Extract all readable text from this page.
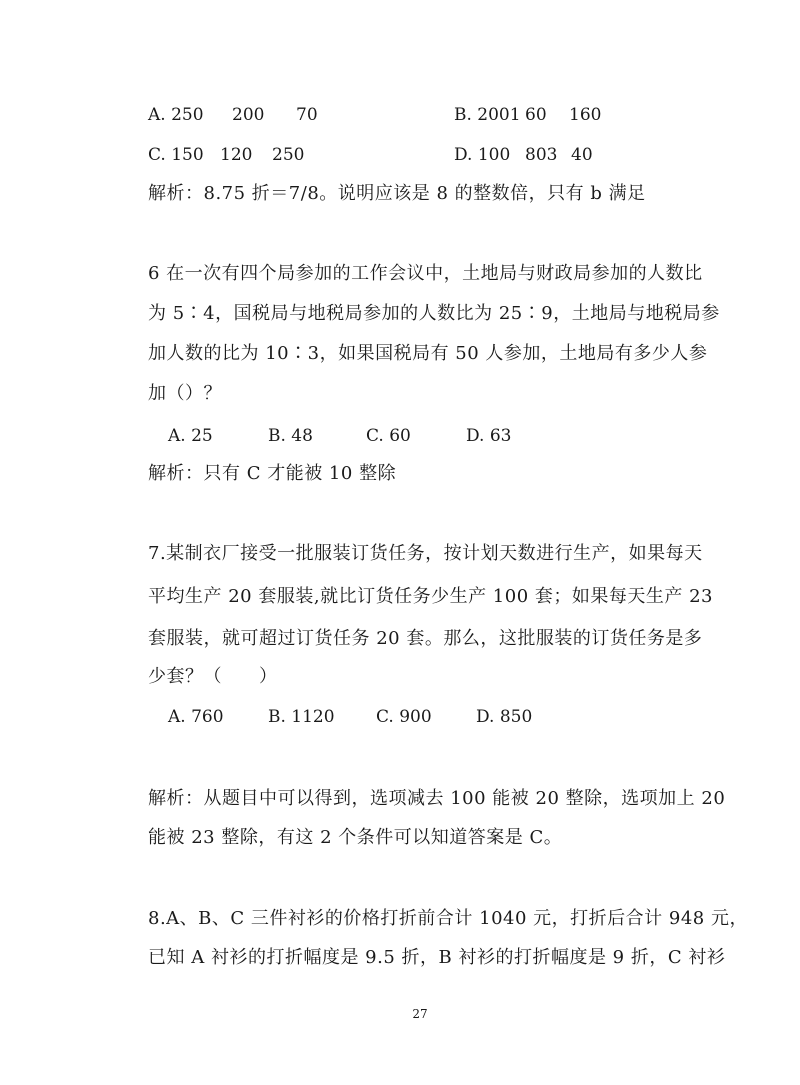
A. 250 200 70	B. 2001 60 160
C. 150 120 250	D. 100 803 40
解析：8.75 折＝7/8。说明应该是 8 的整数倍，只有 b 满足
6 在一次有四个局参加的工作会议中，土地局与财政局参加的人数比
为 5∶4，国税局与地税局参加的人数比为 25∶9，土地局与地税局参
加人数的比为 10∶3，如果国税局有 50 人参加，土地局有多少人参
加（）？
A. 25	B. 48	C. 60	D. 63
解析：只有 C 才能被 10 整除
7.某制衣厂接受一批服装订货任务，按计划天数进行生产，如果每天
平均生产 20 套服装,就比订货任务少生产 100 套；如果每天生产 23
套服装，就可超过订货任务 20 套。那么，这批服装的订货任务是多
少套？（　　）
A. 760	B. 1120 C. 900	D. 850
解析：从题目中可以得到，选项减去 100 能被 20 整除，选项加上 20
能被 23 整除，有这 2 个条件可以知道答案是 C。
8.A、B、C 三件衬衫的价格打折前合计 1040 元，打折后合计 948 元，
已知 A 衬衫的打折幅度是 9.5 折，B 衬衫的打折幅度是 9 折，C 衬衫
27
